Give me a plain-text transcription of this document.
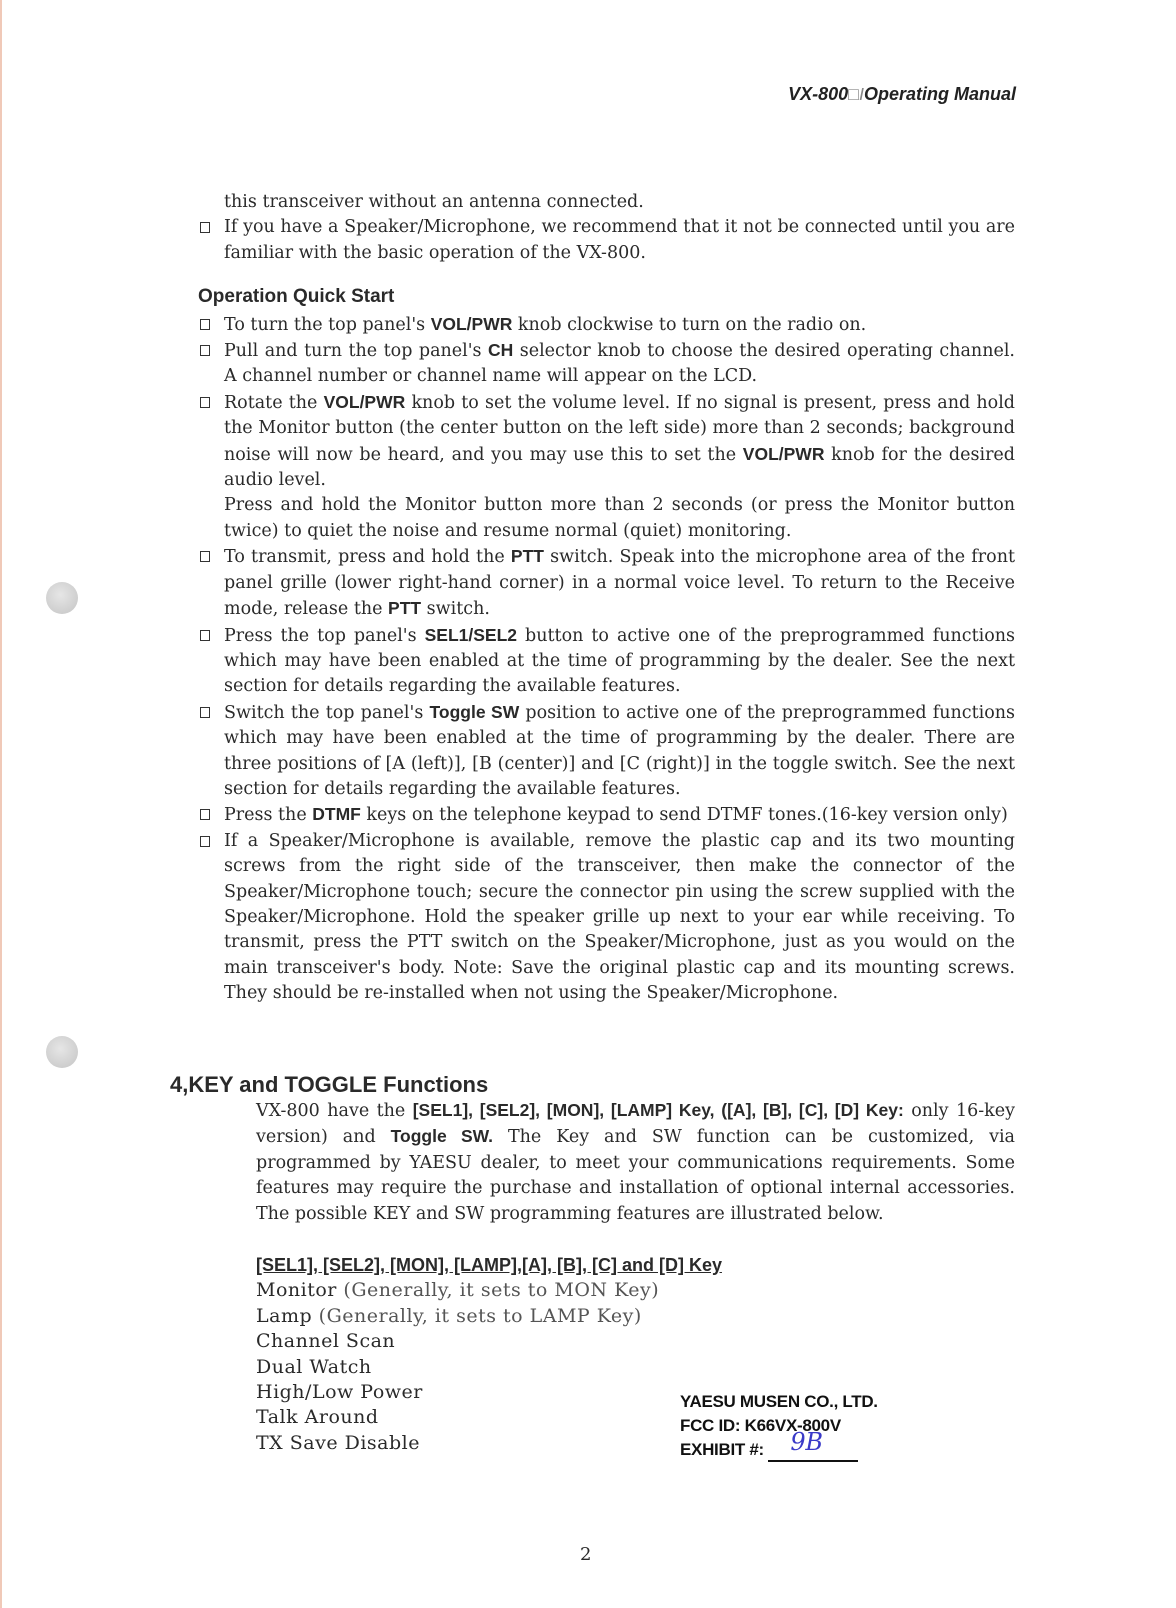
VX-800□ΙOperating Manual

this transceiver without an antenna connected.

If you have a Speaker/Microphone, we recommend that it not be connected until you are familiar with the basic operation of the VX-800.

Operation Quick Start

To turn the top panel's VOL/PWR knob clockwise to turn on the radio on.
Pull and turn the top panel's CH selector knob to choose the desired operating channel. A channel number or channel name will appear on the LCD.
Rotate the VOL/PWR knob to set the volume level. If no signal is present, press and hold the Monitor button (the center button on the left side) more than 2 seconds; background noise will now be heard, and you may use this to set the VOL/PWR knob for the desired audio level.

Press and hold the Monitor button more than 2 seconds (or press the Monitor button twice) to quiet the noise and resume normal (quiet) monitoring.

To transmit, press and hold the PTT switch. Speak into the microphone area of the front panel grille (lower right-hand corner) in a normal voice level. To return to the Receive mode, release the PTT switch.
Press the top panel's SEL1/SEL2 button to active one of the preprogrammed functions which may have been enabled at the time of programming by the dealer. See the next section for details regarding the available features.
Switch the top panel's Toggle SW position to active one of the preprogrammed functions which may have been enabled at the time of programming by the dealer. There are three positions of [A (left)], [B (center)] and [C (right)] in the toggle switch. See the next section for details regarding the available features.
Press the DTMF keys on the telephone keypad to send DTMF tones.(16-key version only)
If a Speaker/Microphone is available, remove the plastic cap and its two mounting screws from the right side of the transceiver, then make the connector of the Speaker/Microphone touch; secure the connector pin using the screw supplied with the Speaker/Microphone. Hold the speaker grille up next to your ear while receiving. To transmit, press the PTT switch on the Speaker/Microphone, just as you would on the main transceiver's body. Note: Save the original plastic cap and its mounting screws. They should be re-installed when not using the Speaker/Microphone.
4,KEY and TOGGLE Functions

VX-800 have the [SEL1], [SEL2], [MON], [LAMP] Key, ([A], [B], [C], [D] Key: only 16-key version) and Toggle SW. The Key and SW function can be customized, via programmed by YAESU dealer, to meet your communications requirements. Some features may require the purchase and installation of optional internal accessories. The possible KEY and SW programming features are illustrated below.

[SEL1], [SEL2], [MON], [LAMP],[A], [B], [C] and [D] Key

Monitor (Generally, it sets to MON Key)
Lamp (Generally, it sets to LAMP Key)
Channel Scan
Dual Watch
High/Low Power
Talk Around
TX Save Disable
YAESU MUSEN CO., LTD.
FCC ID: K66VX-800V
EXHIBIT #: 9B
2
